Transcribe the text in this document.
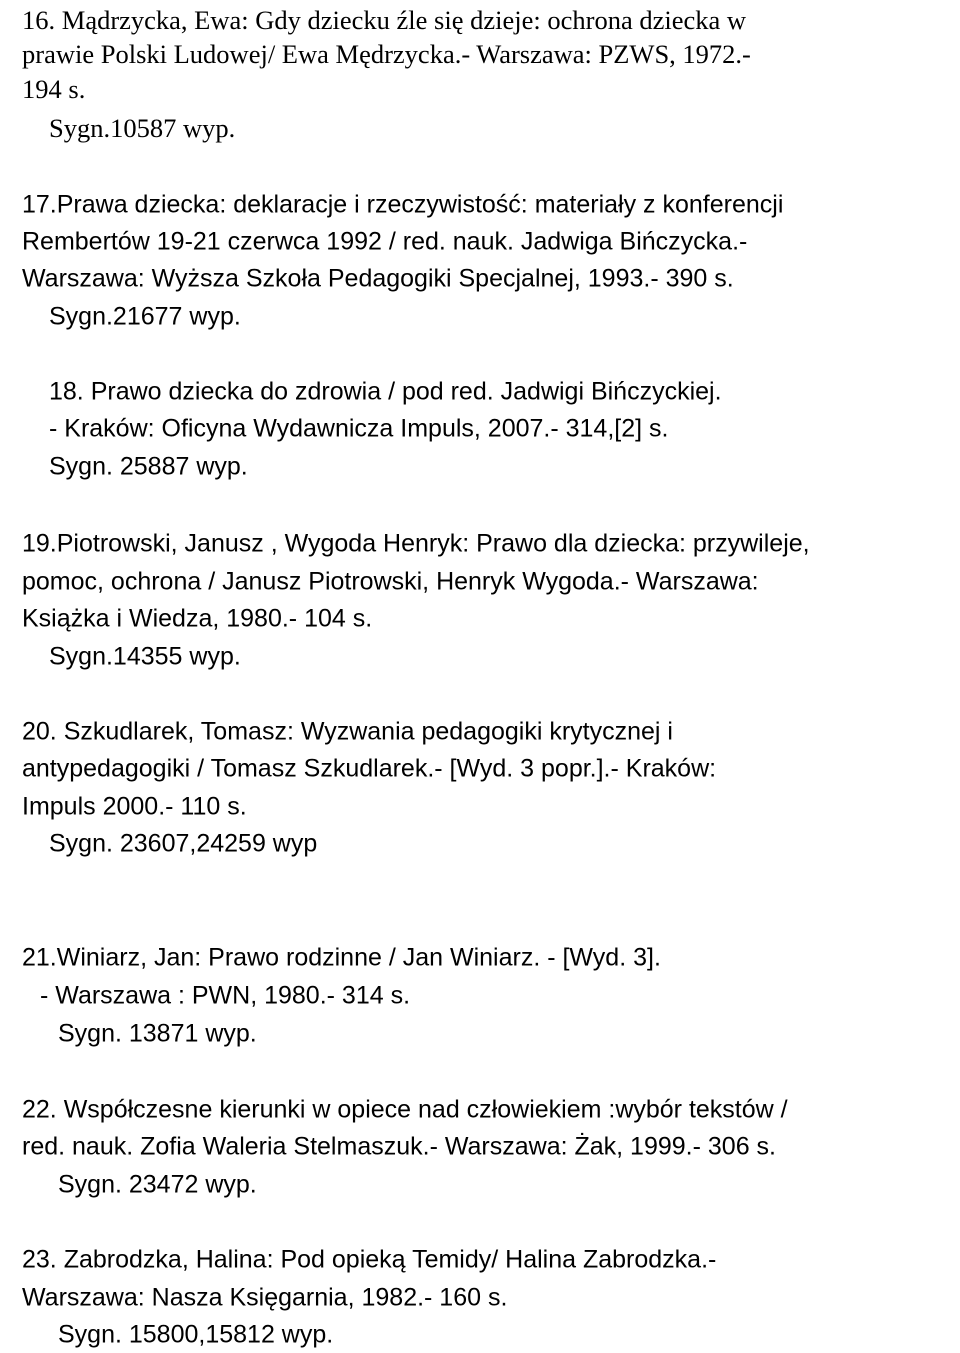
16. Mądrzycka, Ewa: Gdy dziecku źle się dzieje: ochrona dziecka w
prawie Polski Ludowej/ Ewa Mędrzycka.- Warszawa: PZWS, 1972.-
194 s.
Sygn.10587 wyp.
17.Prawa dziecka: deklaracje i rzeczywistość: materiały z konferencji
Rembertów 19-21 czerwca 1992 / red. nauk. Jadwiga Bińczycka.-
Warszawa: Wyższa Szkoła Pedagogiki Specjalnej, 1993.- 390 s.
Sygn.21677 wyp.
18. Prawo dziecka do zdrowia / pod red. Jadwigi Bińczyckiej.
- Kraków: Oficyna Wydawnicza Impuls, 2007.- 314,[2] s.
Sygn. 25887 wyp.
19.Piotrowski, Janusz , Wygoda Henryk: Prawo dla dziecka: przywileje,
pomoc, ochrona / Janusz Piotrowski, Henryk Wygoda.- Warszawa:
Książka i Wiedza, 1980.- 104 s.
Sygn.14355 wyp.
20. Szkudlarek, Tomasz: Wyzwania pedagogiki krytycznej i
antypedagogiki / Tomasz Szkudlarek.- [Wyd. 3 popr.].- Kraków:
Impuls 2000.- 110 s.
Sygn. 23607,24259 wyp
21.Winiarz, Jan: Prawo rodzinne / Jan Winiarz. - [Wyd. 3].
- Warszawa : PWN, 1980.- 314 s.
Sygn. 13871 wyp.
22. Współczesne kierunki w opiece nad człowiekiem :wybór tekstów /
red. nauk. Zofia Waleria Stelmaszuk.- Warszawa: Żak, 1999.- 306 s.
Sygn. 23472 wyp.
23. Zabrodzka, Halina: Pod opieką Temidy/ Halina Zabrodzka.-
Warszawa: Nasza Księgarnia, 1982.- 160 s.
Sygn. 15800,15812 wyp.
